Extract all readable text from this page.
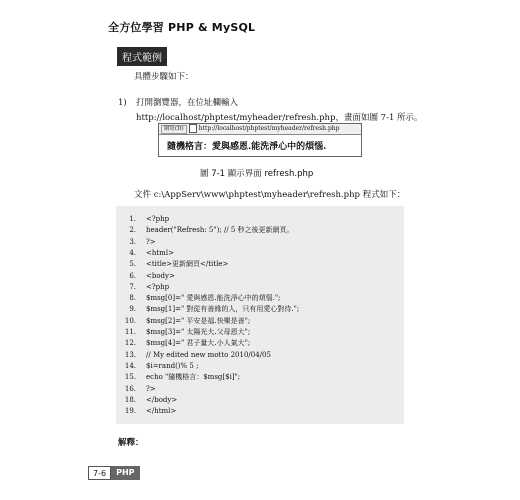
全方位學習 PHP & MySQL
程式範例
具體步驟如下：
1) 打開瀏覽器，在位址欄輸入
http://localhost/phptest/myheader/refresh.php，畫面如圖 7-1 所示。
網址(D)	http://localhost/phptest/myheader/refresh.php
隨機格言：愛與感恩.能洗淨心中的煩惱.
圖 7-1 顯示界面 refresh.php
文件 c:\AppServ\www\phptest\myheader\refresh.php 程式如下：
1. <?php
2. header("Refresh: 5"); // 5 秒之後更新網頁。
3. ?>
4. <html>
5. <title>更新網頁</title>
6. <body>
7. <?php
8.$msg[0]=" 愛與感恩.能洗淨心中的煩惱.";
9.$msg[1]=" 對從有善緣的人，只有用愛心對待.";
10.$msg[2]=" 平安是福.快樂是善";
11.$msg[3]=" 太陽光大.父母恩大";
12.$msg[4]=" 君子量大.小人氣大";
13.// My edited new motto 2010/04/05
14.$i=rand()% 5 ;
15.echo "隨機格言：$msg[$i]";
16. ?>
18. </body>
19. </html>
解釋：
7-6	PHP
